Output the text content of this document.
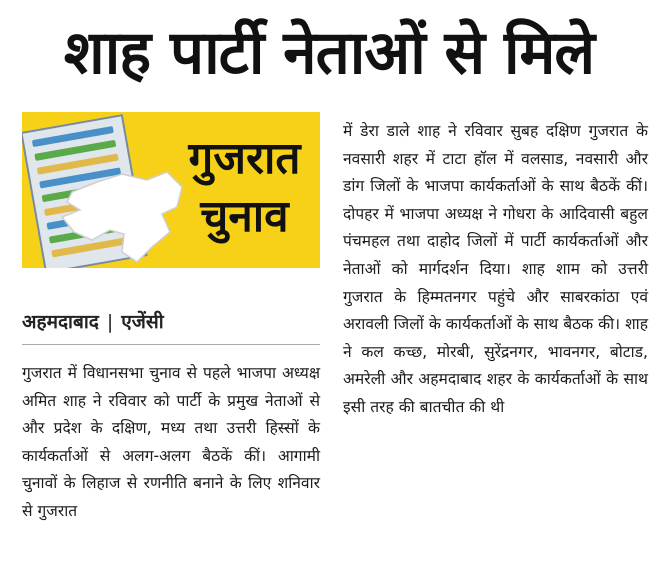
शाह पार्टी नेताओं से मिले
गुजरात
चुनाव
अहमदाबाद | एजेंसी
गुजरात में विधानसभा चुनाव से पहले भाजपा अध्यक्ष अमित शाह ने रविवार को पार्टी के प्रमुख नेताओं से और प्रदेश के दक्षिण, मध्य तथा उत्तरी हिस्सों के कार्यकर्ताओं से अलग-अलग बैठकें कीं। आगामी चुनावों के लिहाज से रणनीति बनाने के लिए शनिवार से गुजरात
में डेरा डाले शाह ने रविवार सुबह दक्षिण गुजरात के नवसारी शहर में टाटा हॉल में वलसाड, नवसारी और डांग जिलों के भाजपा कार्यकर्ताओं के साथ बैठकें कीं। दोपहर में भाजपा अध्यक्ष ने गोधरा के आदिवासी बहुल पंचमहल तथा दाहोद जिलों में पार्टी कार्यकर्ताओं और नेताओं को मार्गदर्शन दिया। शाह शाम को उत्तरी गुजरात के हिम्मतनगर पहुंचे और साबरकांठा एवं अरावली जिलों के कार्यकर्ताओं के साथ बैठक की। शाह ने कल कच्छ, मोरबी, सुरेंद्रनगर, भावनगर, बोटाड, अमरेली और अहमदाबाद शहर के कार्यकर्ताओं के साथ इसी तरह की बातचीत की थी
